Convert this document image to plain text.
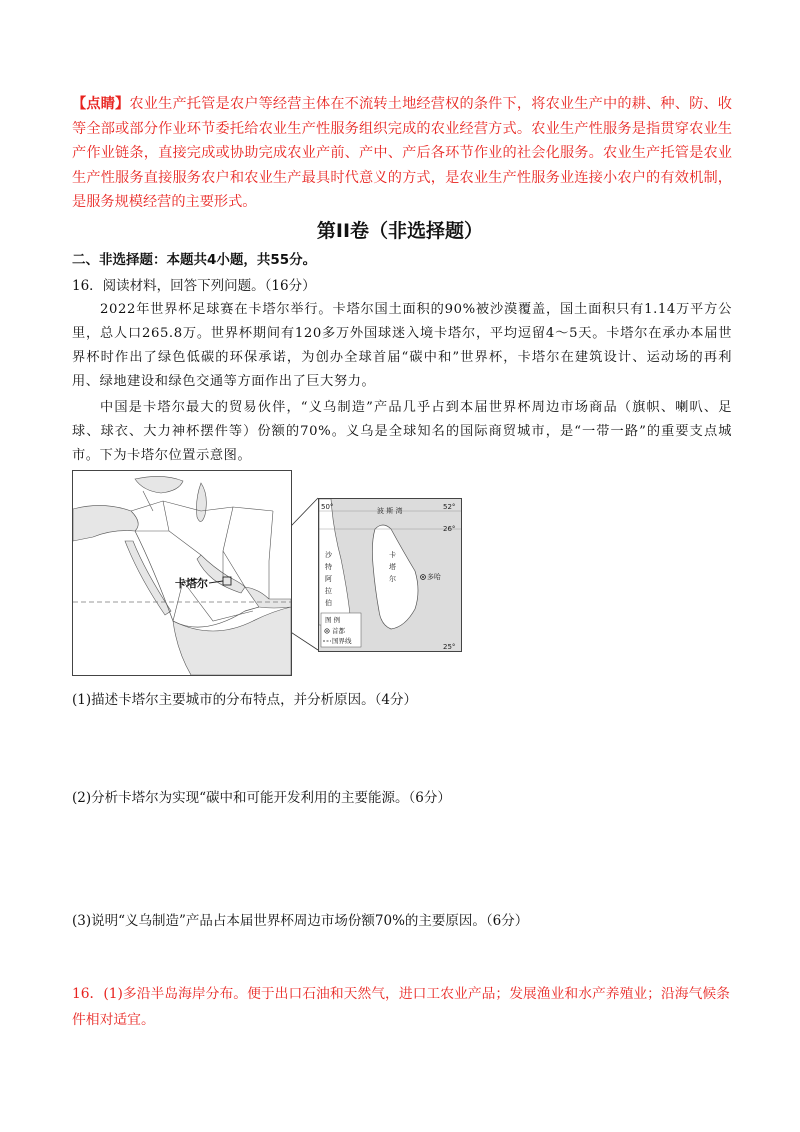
【点睛】农业生产托管是农户等经营主体在不流转土地经营权的条件下，将农业生产中的耕、种、防、收等全部或部分作业环节委托给农业生产性服务组织完成的农业经营方式。农业生产性服务是指贯穿农业生产作业链条，直接完成或协助完成农业产前、产中、产后各环节作业的社会化服务。农业生产托管是农业生产性服务直接服务农户和农业生产最具时代意义的方式，是农业生产性服务业连接小农户的有效机制，是服务规模经营的主要形式。
第II卷（非选择题）
二、非选择题：本题共4小题，共55分。
16．阅读材料，回答下列问题。（16分）
2022年世界杯足球赛在卡塔尔举行。卡塔尔国土面积的90%被沙漠覆盖，国土面积只有1.14万平方公里，总人口265.8万。世界杯期间有120多万外国球迷入境卡塔尔，平均逗留4～5天。卡塔尔在承办本届世界杯时作出了绿色低碳的环保承诺，为创办全球首届“碳中和”世界杯，卡塔尔在建筑设计、运动场的再利用、绿地建设和绿色交通等方面作出了巨大努力。
中国是卡塔尔最大的贸易伙伴，“义乌制造”产品几乎占到本届世界杯周边市场商品（旗帜、喇叭、足球、球衣、大力神杯摆件等）份额的70%。义乌是全球知名的国际商贸城市，是“一带一路”的重要支点城市。下为卡塔尔位置示意图。
卡塔尔
50°	52°
26°
25°
波 斯 湾
沙
特
阿
拉
伯
卡
塔
尔	多哈
图 例
首都
国界线
(1)描述卡塔尔主要城市的分布特点，并分析原因。（4分）
(2)分析卡塔尔为实现“碳中和可能开发利用的主要能源。（6分）
(3)说明“义乌制造”产品占本届世界杯周边市场份额70%的主要原因。（6分）
16．(1)多沿半岛海岸分布。便于出口石油和天然气，进口工农业产品；发展渔业和水产养殖业；沿海气候条件相对适宜。
